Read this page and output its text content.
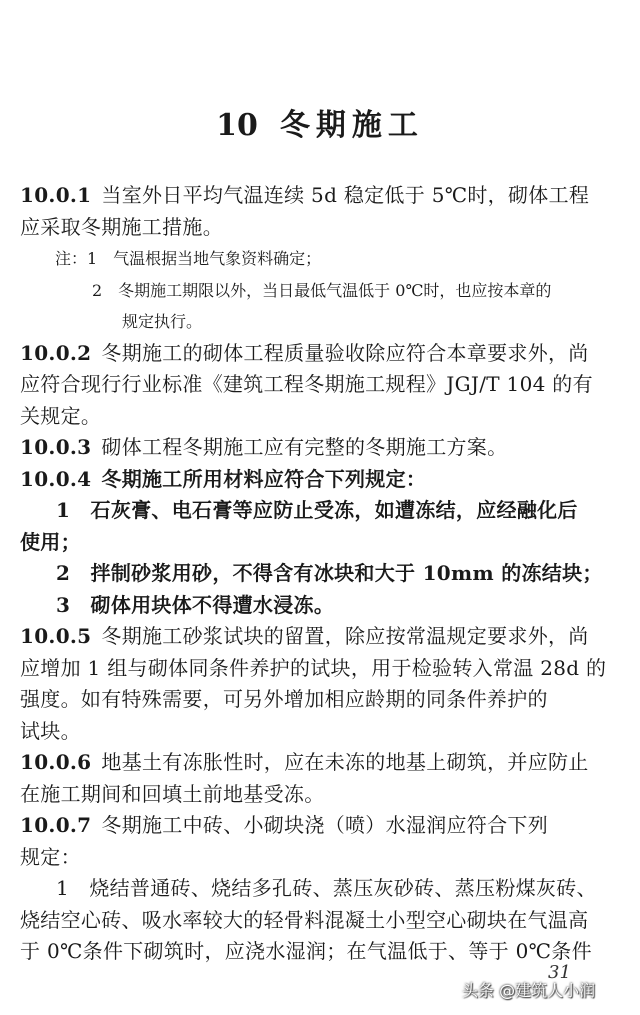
10 冬期施工
10.0.1 当室外日平均气温连续 5d 稳定低于 5℃时，砌体工程
应采取冬期施工措施。
注：1　气温根据当地气象资料确定；
2　冬期施工期限以外，当日最低气温低于 0℃时，也应按本章的
规定执行。
10.0.2 冬期施工的砌体工程质量验收除应符合本章要求外，尚
应符合现行行业标准《建筑工程冬期施工规程》JGJ/T 104 的有
关规定。
10.0.3 砌体工程冬期施工应有完整的冬期施工方案。
10.0.4 冬期施工所用材料应符合下列规定：
1　石灰膏、电石膏等应防止受冻，如遭冻结，应经融化后
使用；
2　拌制砂浆用砂，不得含有冰块和大于 10mm 的冻结块；
3　砌体用块体不得遭水浸冻。
10.0.5 冬期施工砂浆试块的留置，除应按常温规定要求外，尚
应增加 1 组与砌体同条件养护的试块，用于检验转入常温 28d 的
强度。如有特殊需要，可另外增加相应龄期的同条件养护的
试块。
10.0.6 地基土有冻胀性时，应在未冻的地基上砌筑，并应防止
在施工期间和回填土前地基受冻。
10.0.7 冬期施工中砖、小砌块浇（喷）水湿润应符合下列
规定：
1　烧结普通砖、烧结多孔砖、蒸压灰砂砖、蒸压粉煤灰砖、
烧结空心砖、吸水率较大的轻骨料混凝土小型空心砌块在气温高
于 0℃条件下砌筑时，应浇水湿润；在气温低于、等于 0℃条件
31
头条 @建筑人小润
